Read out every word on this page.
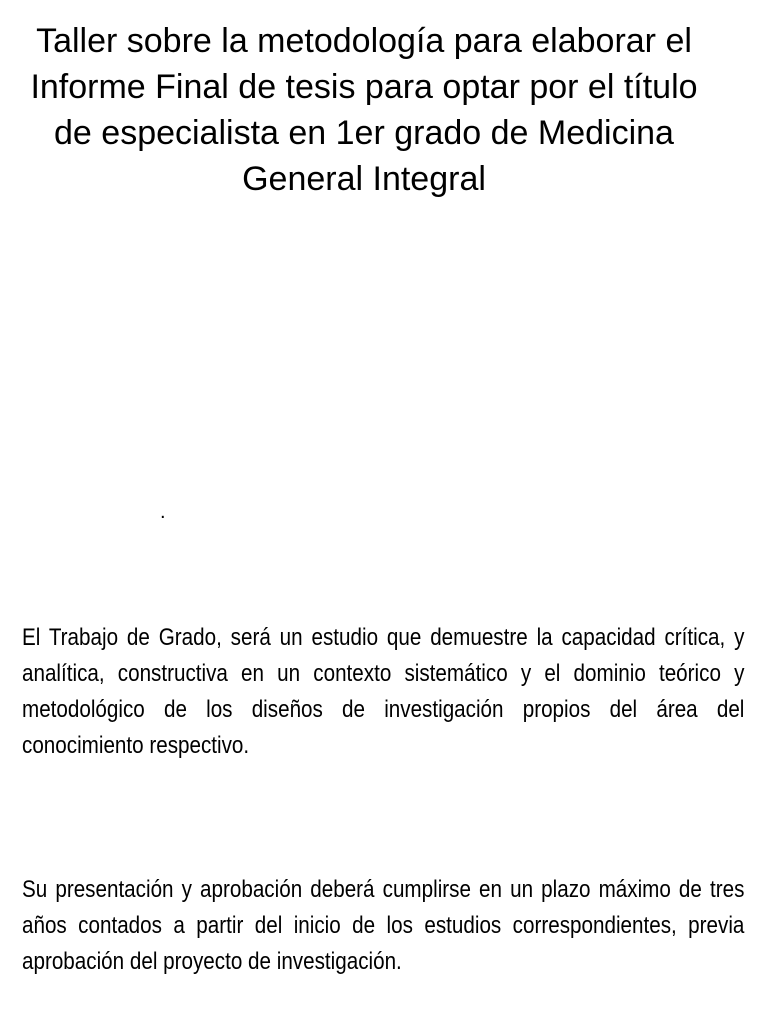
Taller sobre la metodología para elaborar el Informe Final de tesis para optar por el título de especialista en 1er grado de Medicina General Integral
.

El Trabajo de Grado, será un estudio que demuestre la capacidad crítica, y analítica, constructiva en un contexto sistemático y el dominio teórico y metodológico de los diseños de investigación propios del área del conocimiento respectivo.

Su presentación y aprobación deberá cumplirse en un plazo máximo de tres años contados a partir del inicio de los estudios correspondientes, previa aprobación del proyecto de investigación.
